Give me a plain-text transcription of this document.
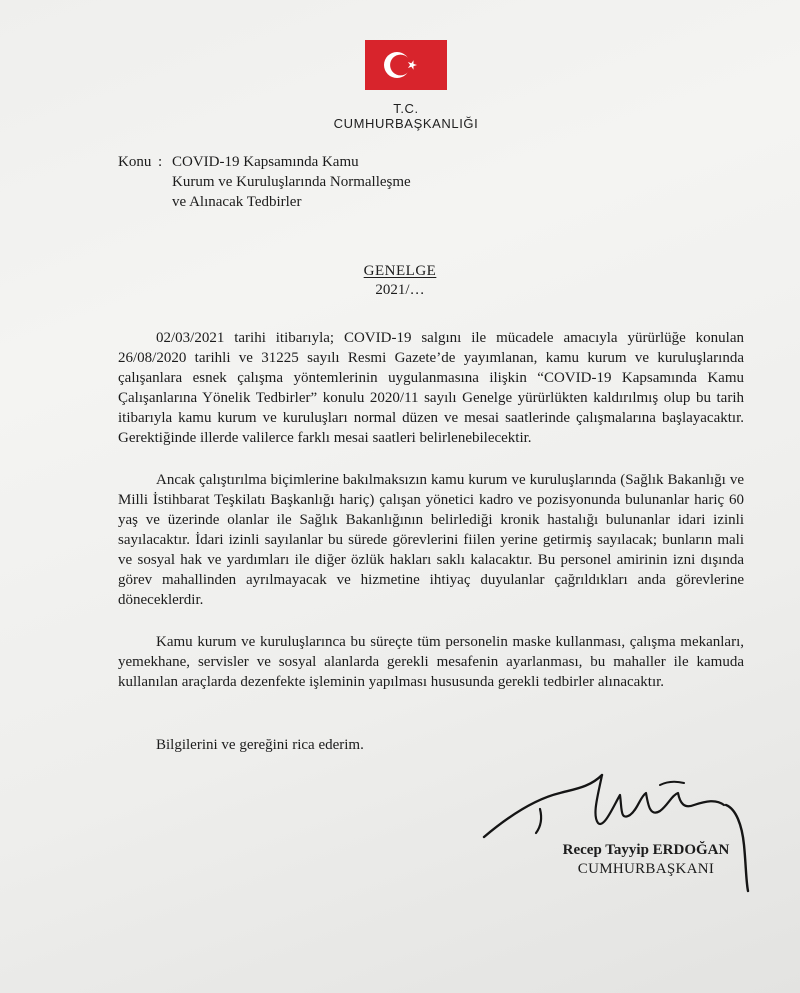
T.C. CUMHURBAŞKANLIĞI
Konu : COVID-19 Kapsamında Kamu
Kurum ve Kuruluşlarında Normalleşme
ve Alınacak Tedbirler
GENELGE
2021/…

02/03/2021 tarihi itibarıyla; COVID-19 salgını ile mücadele amacıyla yürürlüğe konulan 26/08/2020 tarihli ve 31225 sayılı Resmi Gazete’de yayımlanan, kamu kurum ve kuruluşlarında çalışanlara esnek çalışma yöntemlerinin uygulanmasına ilişkin “COVID-19 Kapsamında Kamu Çalışanlarına Yönelik Tedbirler” konulu 2020/11 sayılı Genelge yürürlükten kaldırılmış olup bu tarih itibarıyla kamu kurum ve kuruluşları normal düzen ve mesai saatlerinde çalışmalarına başlayacaktır. Gerektiğinde illerde valilerce farklı mesai saatleri belirlenebilecektir.

Ancak çalıştırılma biçimlerine bakılmaksızın kamu kurum ve kuruluşlarında (Sağlık Bakanlığı ve Milli İstihbarat Teşkilatı Başkanlığı hariç) çalışan yönetici kadro ve pozisyonunda bulunanlar hariç 60 yaş ve üzerinde olanlar ile Sağlık Bakanlığının belirlediği kronik hastalığı bulunanlar idari izinli sayılacaktır. İdari izinli sayılanlar bu sürede görevlerini fiilen yerine getirmiş sayılacak; bunların mali ve sosyal hak ve yardımları ile diğer özlük hakları saklı kalacaktır. Bu personel amirinin izni dışında görev mahallinden ayrılmayacak ve hizmetine ihtiyaç duyulanlar çağrıldıkları anda görevlerine döneceklerdir.

Kamu kurum ve kuruluşlarınca bu süreçte tüm personelin maske kullanması, çalışma mekanları, yemekhane, servisler ve sosyal alanlarda gerekli mesafenin ayarlanması, bu mahaller ile kamuda kullanılan araçlarda dezenfekte işleminin yapılması hususunda gerekli tedbirler alınacaktır.

Bilgilerini ve gereğini rica ederim.
Recep Tayyip ERDOĞAN
CUMHURBAŞKANI
